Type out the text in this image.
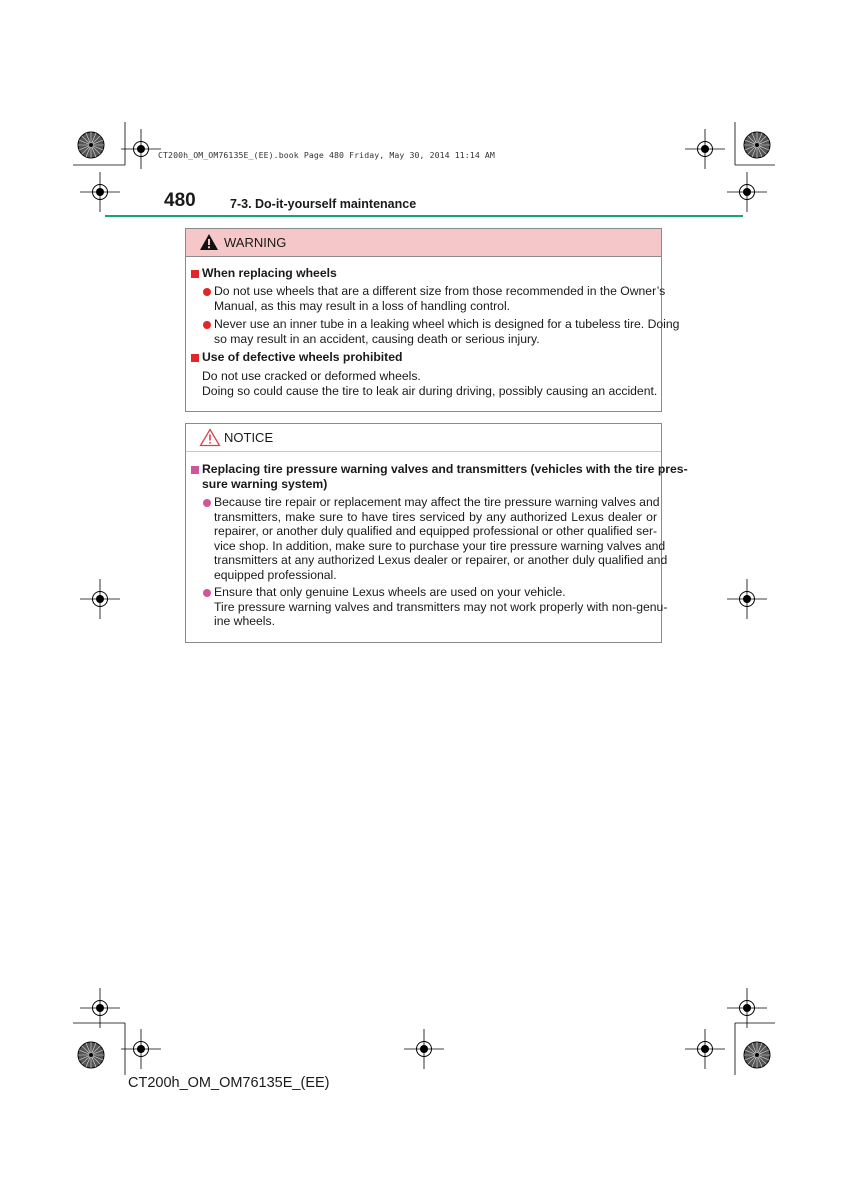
CT200h_OM_OM76135E_(EE).book Page 480 Friday, May 30, 2014 11:14 AM
480	7-3. Do-it-yourself maintenance
WARNING
When replacing wheels
Do not use wheels that are a different size from those recommended in the Owner’s
Manual, as this may result in a loss of handling control.
Never use an inner tube in a leaking wheel which is designed for a tubeless tire. Doing
so may result in an accident, causing death or serious injury.
Use of defective wheels prohibited
Do not use cracked or deformed wheels.
Doing so could cause the tire to leak air during driving, possibly causing an accident.
NOTICE
Replacing tire pressure warning valves and transmitters (vehicles with the tire pres-
sure warning system)
Because tire repair or replacement may affect the tire pressure warning valves and
transmitters, make sure to have tires serviced by any authorized Lexus dealer or
repairer, or another duly qualified and equipped professional or other qualified ser-
vice shop. In addition, make sure to purchase your tire pressure warning valves and
transmitters at any authorized Lexus dealer or repairer, or another duly qualified and
equipped professional.
Ensure that only genuine Lexus wheels are used on your vehicle.
Tire pressure warning valves and transmitters may not work properly with non-genu-
ine wheels.
CT200h_OM_OM76135E_(EE)
